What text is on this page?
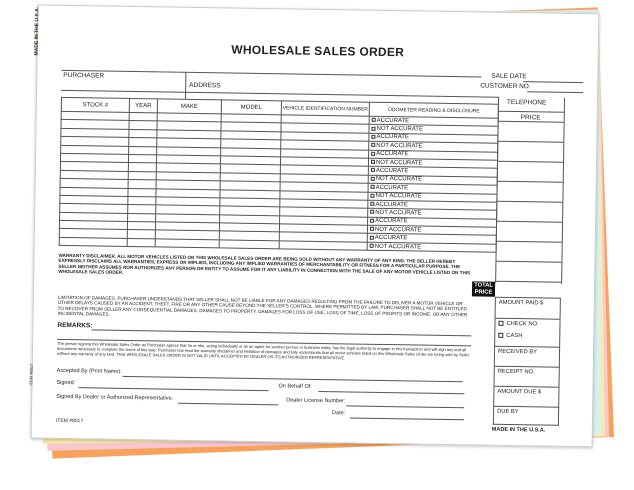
MADE IN THE U.S.A.
ITEM #8017
WHOLESALE SALES ORDER
SALE DATE
CUSTOMER NO.
PURCHASER
ADDRESS
TELEPHONE
PRICE
STOCK #	YEAR	MAKE	MODEL	VEHICLE IDENTIFICATION NUMBER	ODOMETER READING & DISCLOSURE
					ACCURATE
					NOT ACCURATE
					ACCURATE
					NOT ACCURATE
					ACCURATE
					NOT ACCURATE
					ACCURATE
					NOT ACCURATE
					ACCURATE
					NOT ACCURATE
					ACCURATE
					NOT ACCURATE
					ACCURATE
					NOT ACCURATE
					ACCURATE
					NOT ACCURATE
WARRANTY DISCLAIMER. ALL MOTOR VEHICLES LISTED ON THIS WHOLESALE SALES ORDER ARE BEING SOLD WITHOUT ANY WARRANTY OF ANY KIND. THE SELLER HEREBY EXPRESSLY DISCLAIMS ALL WARRANTIES, EXPRESS OR IMPLIED, INCLUDING ANY IMPLIED WARRANTIES OF MERCHANTABILITY OR FITNESS FOR A PARTICULAR PURPOSE. THE SELLER NEITHER ASSUMES NOR AUTHORIZES ANY PERSON OR ENTITY TO ASSUME FOR IT ANY LIABILITY IN CONNECTION WITH THE SALE OF ANY MOTOR VEHICLE LISTED ON THIS WHOLESALE SALES ORDER.
TOTAL PRICE
LIMITATION OF DAMAGES. PURCHASER UNDERSTANDS THAT SELLER SHALL NOT BE LIABLE FOR ANY DAMAGES RESULTING FROM THE FAILURE TO DELIVER A MOTOR VEHICLE OR OTHER DELAYS CAUSED BY AN ACCIDENT, THEFT, FIRE OR ANY OTHER CAUSE BEYOND THE SELLER'S CONTROL. WHERE PERMITTED BY LAW, PURCHASER SHALL NOT BE ENTITLED TO RECOVER FROM SELLER ANY CONSEQUENTIAL DAMAGES, DAMAGES TO PROPERTY, DAMAGES FOR LOSS OF USE, LOSS OF TIME, LOSS OF PROFITS OR INCOME, OR ANY OTHER INCIDENTAL DAMAGES.
REMARKS:
The person signing this Wholesale Sales Order as Purchaser agrees that he or she, acting individually or as an agent for another person or business entity, has the legal authority to engage in this transaction and will sign any and all documents necessary to complete the terms of this sale. Purchaser has read the warranty disclaimer and limitation of damages and fully understands that all motor vehicles listed on this Wholesale Sales Order are being sold by Seller without any warranty of any kind. THIS WHOLESALE SALES ORDER IS NOT VALID UNTIL ACCEPTED BY DEALER OR ITS AUTHORIZED REPRESENTATIVE.
Accepted By (Print Name):
Signed:
On Behalf Of:
Signed By Dealer or Authorized Representative:	Dealer License Number:
Date:
ITEM #8017
MADE IN THE U.S.A.
AMOUNT PAID $
CHECK NO.
CASH
RECEIVED BY
RECEIPT NO.
AMOUNT DUE $
DUE BY
